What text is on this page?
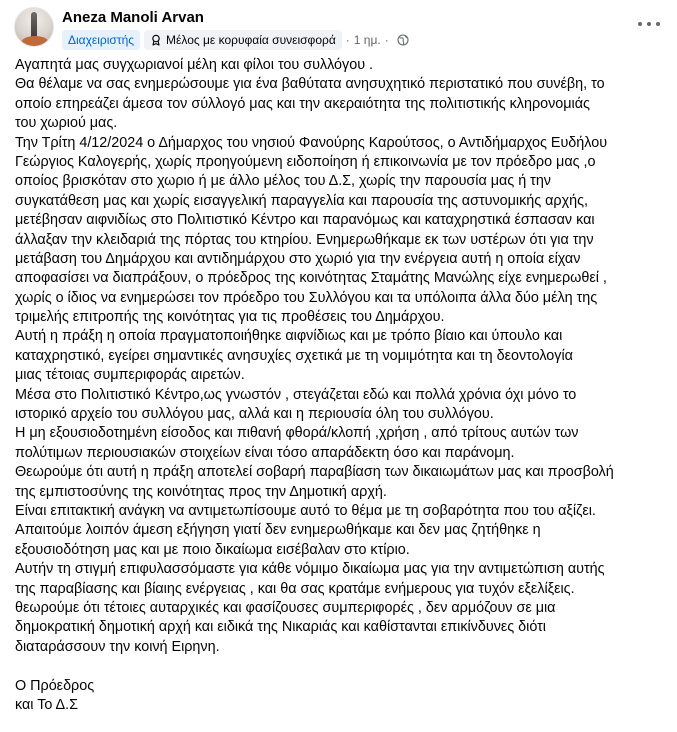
Aneza Manoli Arvan
Διαχειριστής	Μέλος με κορυφαία συνεισφορά · 1 ημ. ·
Αγαπητά μας συγχωριανοί μέλη και φίλοι του συλλόγου .
Θα θέλαμε να σας ενημερώσουμε για ένα βαθύτατα ανησυχητικό περιστατικό που συνέβη, το
οποίο επηρεάζει άμεσα τον σύλλογό μας και την ακεραιότητα της πολιτιστικής κληρονομιάς
του χωριού μας.
Την Τρίτη 4/12/2024 ο Δήμαρχος του νησιού Φανούρης Καρούτσος, ο Αντιδήμαρχος Ευδήλου
Γεώργιος Καλογερής, χωρίς προηγούμενη ειδοποίηση ή επικοινωνία με τον πρόεδρο μας ,ο
οποίος βρισκόταν στο χωριο ή με άλλο μέλος του Δ.Σ, χωρίς την παρουσία μας ή την
συγκατάθεση μας και χωρίς εισαγγελική παραγγελία και παρουσία της αστυνομικής αρχής,
μετέβησαν αιφνιδίως στο Πολιτιστικό Κέντρο και παρανόμως και καταχρηστικά έσπασαν και
άλλαξαν την κλειδαριά της πόρτας του κτηρίου. Ενημερωθήκαμε εκ των υστέρων ότι για την
μετάβαση του Δημάρχου και αντιδημάρχου στο χωριό για την ενέργεια αυτή η οποία είχαν
αποφασίσει να διαπράξουν, ο πρόεδρος της κοινότητας Σταμάτης Μανώλης είχε ενημερωθεί ,
χωρίς ο ίδιος να ενημερώσει τον πρόεδρο του Συλλόγου και τα υπόλοιπα άλλα δύο μέλη της
τριμελής επιτροπής της κοινότητας για τις προθέσεις του Δημάρχου.
Αυτή η πράξη η οποία πραγματοποιήθηκε αιφνίδιως και με τρόπο βίαιο και ύπουλο και
καταχρηστικό, εγείρει σημαντικές ανησυχίες σχετικά με τη νομιμότητα και τη δεοντολογία
μιας τέτοιας συμπεριφοράς αιρετών.
Μέσα στο Πολιτιστικό Κέντρο,ως γνωστόν , στεγάζεται εδώ και πολλά χρόνια όχι μόνο το
ιστορικό αρχείο του συλλόγου μας, αλλά και η περιουσία όλη του συλλόγου.
Η μη εξουσιοδοτημένη είσοδος και πιθανή φθορά/κλοπή ,χρήση , από τρίτους αυτών των
πολύτιμων περιουσιακών στοιχείων είναι τόσο απαράδεκτη όσο και παράνομη.
Θεωρούμε ότι αυτή η πράξη αποτελεί σοβαρή παραβίαση των δικαιωμάτων μας και προσβολή
της εμπιστοσύνης της κοινότητας προς την Δημοτική αρχή.
Είναι επιτακτική ανάγκη να αντιμετωπίσουμε αυτό το θέμα με τη σοβαρότητα που του αξίζει.
Απαιτούμε λοιπόν άμεση εξήγηση γιατί δεν ενημερωθήκαμε και δεν μας ζητήθηκε η
εξουσιοδότηση μας και με ποιο δικαίωμα εισέβαλαν στο κτίριο.
Αυτήν τη στιγμή επιφυλασσόμαστε για κάθε νόμιμο δικαίωμα μας για την αντιμετώπιση αυτής
της παραβίασης και βίαιης ενέργειας , και θα σας κρατάμε ενήμερους για τυχόν εξελίξεις.
θεωρούμε ότι τέτοιες αυταρχικές και φασίζουσες συμπεριφορές , δεν αρμόζουν σε μια
δημοκρατική δημοτική αρχή και ειδικά της Νικαριάς και καθίστανται επικίνδυνες διότι
διαταράσσουν την κοινή Ειρηνη.
Ο Πρόεδρος
και Το Δ.Σ
